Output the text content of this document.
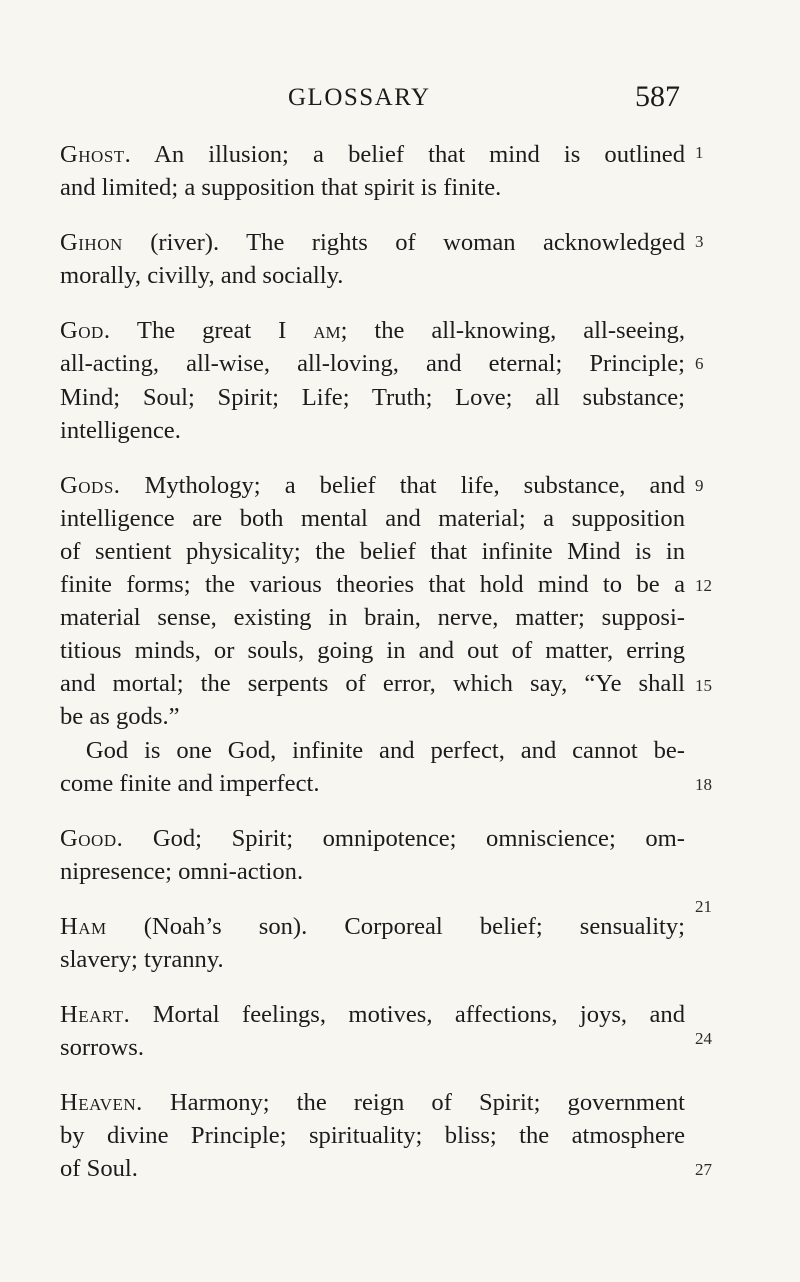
GLOSSARY	587
Ghost. An illusion; a belief that mind is outlined
and limited; a supposition that spirit is finite.
Gihon (river). The rights of woman acknowledged
morally, civilly, and socially.
God. The great I am; the all-knowing, all-seeing,
all-acting, all-wise, all-loving, and eternal; Principle;
Mind; Soul; Spirit; Life; Truth; Love; all substance;
intelligence.
Gods. Mythology; a belief that life, substance, and
intelligence are both mental and material; a supposition
of sentient physicality; the belief that infinite Mind is in
finite forms; the various theories that hold mind to be a
material sense, existing in brain, nerve, matter; supposi-
titious minds, or souls, going in and out of matter, erring
and mortal; the serpents of error, which say, “Ye shall
be as gods.”
God is one God, infinite and perfect, and cannot be-
come finite and imperfect.
Good. God; Spirit; omnipotence; omniscience; om-
nipresence; omni-action.
Ham (Noah’s son). Corporeal belief; sensuality;
slavery; tyranny.
Heart. Mortal feelings, motives, affections, joys, and
sorrows.
Heaven. Harmony; the reign of Spirit; government
by divine Principle; spirituality; bliss; the atmosphere
of Soul.
1
3
6
9
12
15
18
21
24
27
